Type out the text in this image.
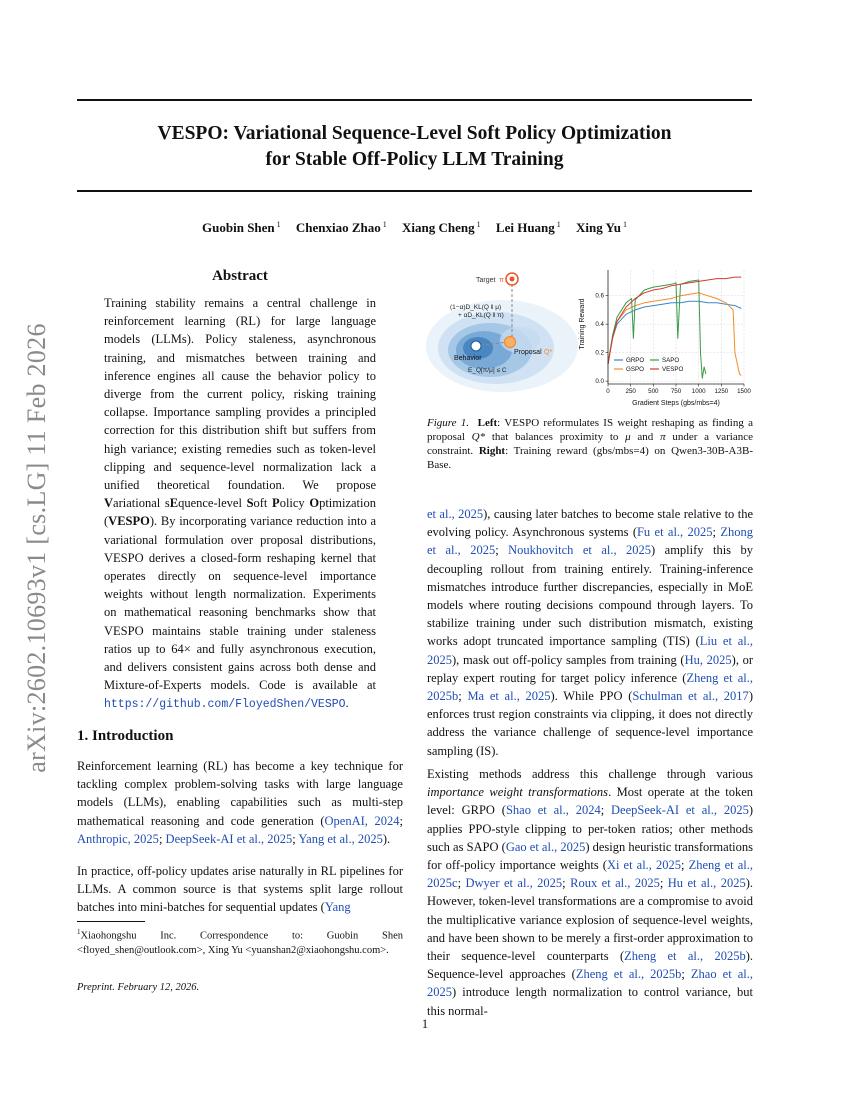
VESPO: Variational Sequence-Level Soft Policy Optimization
for Stable Off-Policy LLM Training
Guobin Shen $^1$ Chenxiao Zhao $^1$ Xiang Cheng $^1$ Lei Huang $^1$ Xing Yu $^1$
arXiv:2602.10693v1 [cs.LG] 11 Feb 2026
Abstract
Training stability remains a central challenge in reinforcement learning (RL) for large language models (LLMs). Policy staleness, asynchronous training, and mismatches between training and inference engines all cause the behavior policy to diverge from the current policy, risking training collapse. Importance sampling provides a principled correction for this distribution shift but suffers from high variance; existing remedies such as token-level clipping and sequence-level normalization lack a unified theoretical foundation. We propose Variational sEquence-level Soft Policy Optimization (VESPO). By incorporating variance reduction into a variational formulation over proposal distributions, VESPO derives a closed-form reshaping kernel that operates directly on sequence-level importance weights without length normalization. Experiments on mathematical reasoning benchmarks show that VESPO maintains stable training under staleness ratios up to 64× and fully asynchronous execution, and delivers consistent gains across both dense and Mixture-of-Experts models. Code is available at https://github.com/FloyedShen/VESPO.
1. Introduction
Reinforcement learning (RL) has become a key technique for tackling complex problem-solving tasks with large language models (LLMs), enabling capabilities such as multi-step mathematical reasoning and code generation (OpenAI, 2024; Anthropic, 2025; DeepSeek-AI et al., 2025; Yang et al., 2025).
In practice, off-policy updates arise naturally in RL pipelines for LLMs. A common source is that systems split large rollout batches into mini-batches for sequential updates (Yang
$^1$Xiaohongshu Inc. Correspondence to: Guobin Shen <floyed_shen@outlook.com>, Xing Yu <yuanshan2@xiaohongshu.com>.
Preprint. February 12, 2026.
1
Target π
(1−α)D_KL(Q ‖ μ)
+ αD_KL(Q ‖ π)
Behavior
Proposal Q*
E_Q[π/μ] ≤ C
0	250 500 750 1000 1250 1500
0.0
0.2
0.4
0.6
Gradient Steps (gbs/mbs=4)
Training Reward
GRPO	SAPO
GSPO	VESPO
Figure 1. Left: VESPO reformulates IS weight reshaping as finding a proposal Q* that balances proximity to μ and π under a variance constraint. Right: Training reward (gbs/mbs=4) on Qwen3-30B-A3B-Base.
et al., 2025), causing later batches to become stale relative to the evolving policy. Asynchronous systems (Fu et al., 2025; Zhong et al., 2025; Noukhovitch et al., 2025) amplify this by decoupling rollout from training entirely. Training-inference mismatches introduce further discrepancies, especially in MoE models where routing decisions compound through layers. To stabilize training under such distribution mismatch, existing works adopt truncated importance sampling (TIS) (Liu et al., 2025), mask out off-policy samples from training (Hu, 2025), or replay expert routing for target policy inference (Zheng et al., 2025b; Ma et al., 2025). While PPO (Schulman et al., 2017) enforces trust region constraints via clipping, it does not directly address the variance challenge of sequence-level importance sampling (IS).
Existing methods address this challenge through various importance weight transformations. Most operate at the token level: GRPO (Shao et al., 2024; DeepSeek-AI et al., 2025) applies PPO-style clipping to per-token ratios; other methods such as SAPO (Gao et al., 2025) design heuristic transformations for off-policy importance weights (Xi et al., 2025; Zheng et al., 2025c; Dwyer et al., 2025; Roux et al., 2025; Hu et al., 2025). However, token-level transformations are a compromise to avoid the multiplicative variance explosion of sequence-level weights, and have been shown to be merely a first-order approximation to their sequence-level counterparts (Zheng et al., 2025b). Sequence-level approaches (Zheng et al., 2025b; Zhao et al., 2025) introduce length normalization to control variance, but this normal-
